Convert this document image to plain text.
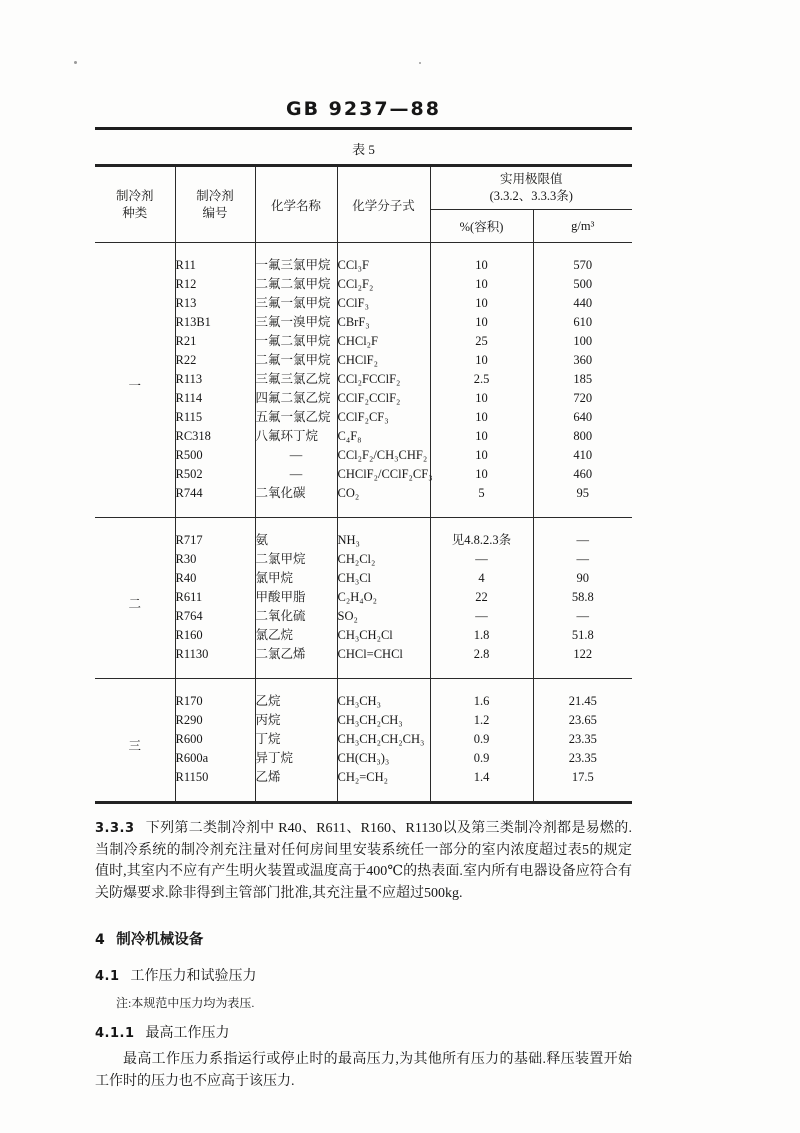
GB 9237—88
表 5
制冷剂
种类

制冷剂
编号	化学名称	化学分子式	
实用极限值
(3.3.2、3.3.3条)

				%(容积)	g/m³
一	R11	一氟三氯甲烷	CCl₃F	10	570
	R12	二氟二氯甲烷	CCl₂F₂	10	500
	R13	三氟一氯甲烷	CClF₃	10	440
	R13B1	三氟一溴甲烷	CBrF₃	10	610
	R21	一氟二氯甲烷	CHCl₂F	25	100
	R22	二氟一氯甲烷	CHClF₂	10	360
	R113	三氟三氯乙烷	CCl₂FCClF₂	2.5	185
	R114	四氟二氯乙烷	CClF₂CClF₂	10	720
	R115	五氟一氯乙烷	CClF₂CF₃	10	640
	RC318	八氟环丁烷	C₄F₈	10	800
	R500	—	CCl₂F₂/CH₃CHF₂	10	410
	R502	—	CHClF₂/CClF₂CF₃	10	460
	R744	二氧化碳	CO₂	5	95
二	R717	氨	NH₃	见4.8.2.3条	—
	R30	二氯甲烷	CH₂Cl₂	—	—
	R40	氯甲烷	CH₃Cl	4	90
	R611	甲酸甲脂	C₂H₄O₂	22	58.8
	R764	二氧化硫	SO₂	—	—
	R160	氯乙烷	CH₃CH₂Cl	1.8	51.8
	R1130	二氯乙烯	CHCl=CHCl	2.8	122
三	R170	乙烷	CH₃CH₃	1.6	21.45
	R290	丙烷	CH₃CH₂CH₃	1.2	23.65
	R600	丁烷	CH₃CH₂CH₂CH₃	0.9	23.35
	R600a	异丁烷	CH(CH₃)₃	0.9	23.35
	R1150	乙烯	CH₂=CH₂	1.4	17.5

3.3.3 下列第二类制冷剂中 R40、R611、R160、R1130以及第三类制冷剂都是易燃的.当制冷系统的制冷剂充注量对任何房间里安装系统任一部分的室内浓度超过表5的规定值时,其室内不应有产生明火装置或温度高于400℃的热表面.室内所有电器设备应符合有关防爆要求.除非得到主管部门批准,其充注量不应超过500kg.

4 制冷机械设备
4.1 工作压力和试验压力
注:本规范中压力均为表压.
4.1.1 最高工作压力

最高工作压力系指运行或停止时的最高压力,为其他所有压力的基础.释压装置开始工作时的压力也不应高于该压力.
